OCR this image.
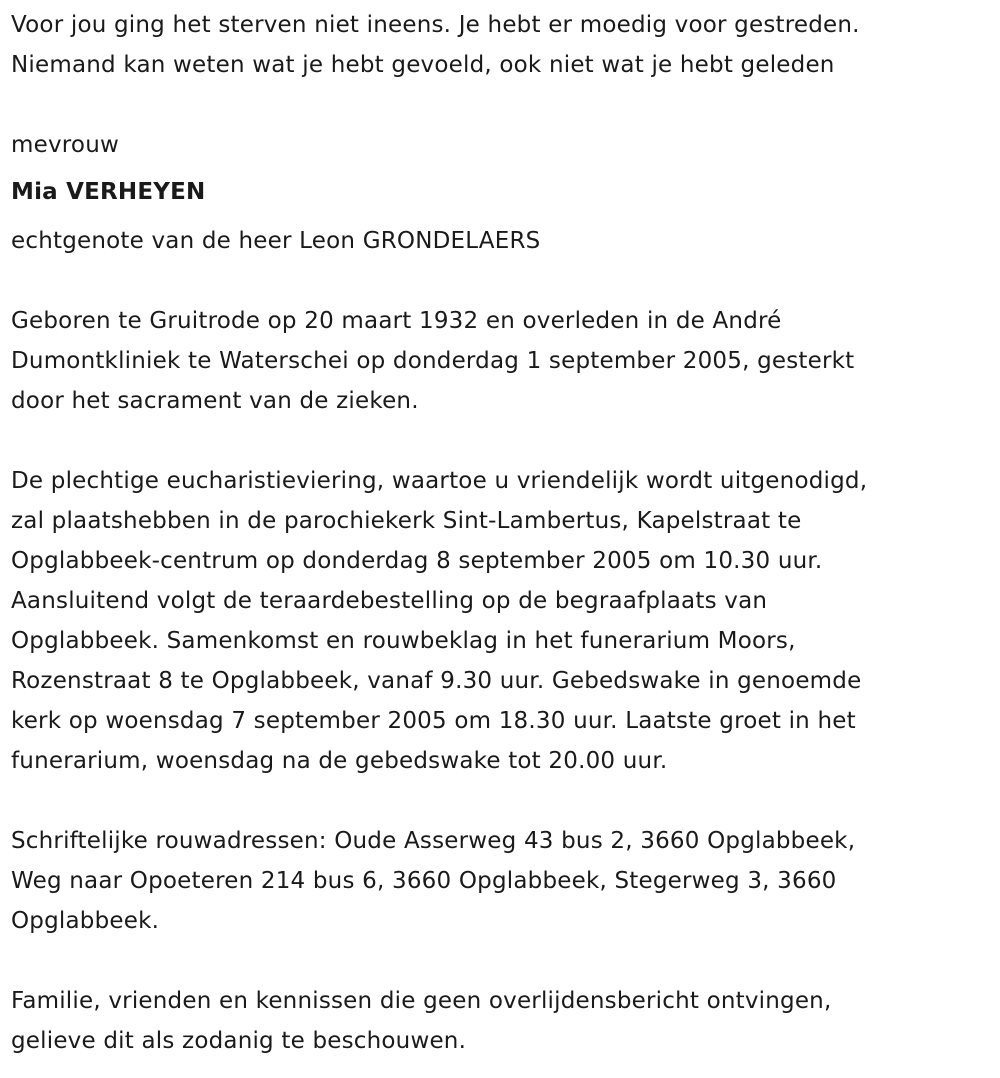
Voor jou ging het sterven niet ineens. Je hebt er moedig voor gestreden.
Niemand kan weten wat je hebt gevoeld, ook niet wat je hebt geleden
mevrouw
Mia VERHEYEN
echtgenote van de heer Leon GRONDELAERS
Geboren te Gruitrode op 20 maart 1932 en overleden in de André
Dumontkliniek te Waterschei op donderdag 1 september 2005, gesterkt
door het sacrament van de zieken.
De plechtige eucharistieviering, waartoe u vriendelijk wordt uitgenodigd,
zal plaatshebben in de parochiekerk Sint-Lambertus, Kapelstraat te
Opglabbeek-centrum op donderdag 8 september 2005 om 10.30 uur.
Aansluitend volgt de teraardebestelling op de begraafplaats van
Opglabbeek. Samenkomst en rouwbeklag in het funerarium Moors,
Rozenstraat 8 te Opglabbeek, vanaf 9.30 uur. Gebedswake in genoemde
kerk op woensdag 7 september 2005 om 18.30 uur. Laatste groet in het
funerarium, woensdag na de gebedswake tot 20.00 uur.
Schriftelijke rouwadressen: Oude Asserweg 43 bus 2, 3660 Opglabbeek,
Weg naar Opoeteren 214 bus 6, 3660 Opglabbeek, Stegerweg 3, 3660
Opglabbeek.
Familie, vrienden en kennissen die geen overlijdensbericht ontvingen,
gelieve dit als zodanig te beschouwen.
